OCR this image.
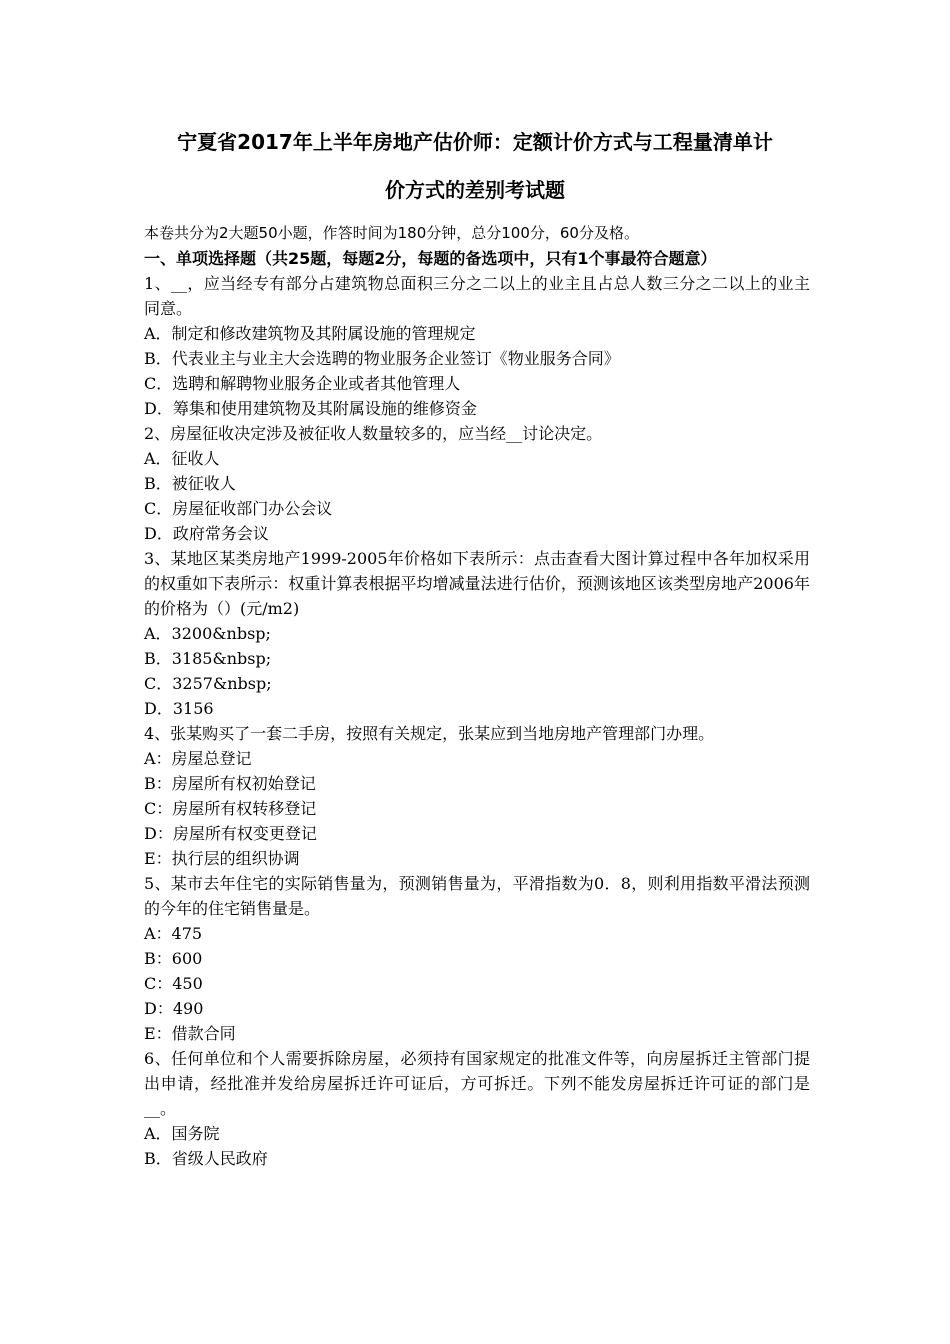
宁夏省2017年上半年房地产估价师：定额计价方式与工程量清单计
价方式的差别考试题
本卷共分为2大题50小题，作答时间为180分钟，总分100分，60分及格。
一、单项选择题（共25题，每题2分，每题的备选项中，只有1个事最符合题意）
1、__，应当经专有部分占建筑物总面积三分之二以上的业主且占总人数三分之二以上的业主同意。
A．制定和修改建筑物及其附属设施的管理规定
B．代表业主与业主大会选聘的物业服务企业签订《物业服务合同》
C．选聘和解聘物业服务企业或者其他管理人
D．筹集和使用建筑物及其附属设施的维修资金
2、房屋征收决定涉及被征收人数量较多的，应当经__讨论决定。
A．征收人
B．被征收人
C．房屋征收部门办公会议
D．政府常务会议
3、某地区某类房地产1999-2005年价格如下表所示：点击查看大图计算过程中各年加权采用的权重如下表所示：权重计算表根据平均增减量法进行估价，预测该地区该类型房地产2006年的价格为（）(元/m2)
A．3200&nbsp;
B．3185&nbsp;
C．3257&nbsp;
D．3156
4、张某购买了一套二手房，按照有关规定，张某应到当地房地产管理部门办理。
A：房屋总登记
B：房屋所有权初始登记
C：房屋所有权转移登记
D：房屋所有权变更登记
E：执行层的组织协调
5、某市去年住宅的实际销售量为，预测销售量为，平滑指数为0．8，则利用指数平滑法预测的今年的住宅销售量是。
A：475
B：600
C：450
D：490
E：借款合同
6、任何单位和个人需要拆除房屋，必须持有国家规定的批准文件等，向房屋拆迁主管部门提出申请，经批准并发给房屋拆迁许可证后，方可拆迁。下列不能发房屋拆迁许可证的部门是__。
A．国务院
B．省级人民政府
